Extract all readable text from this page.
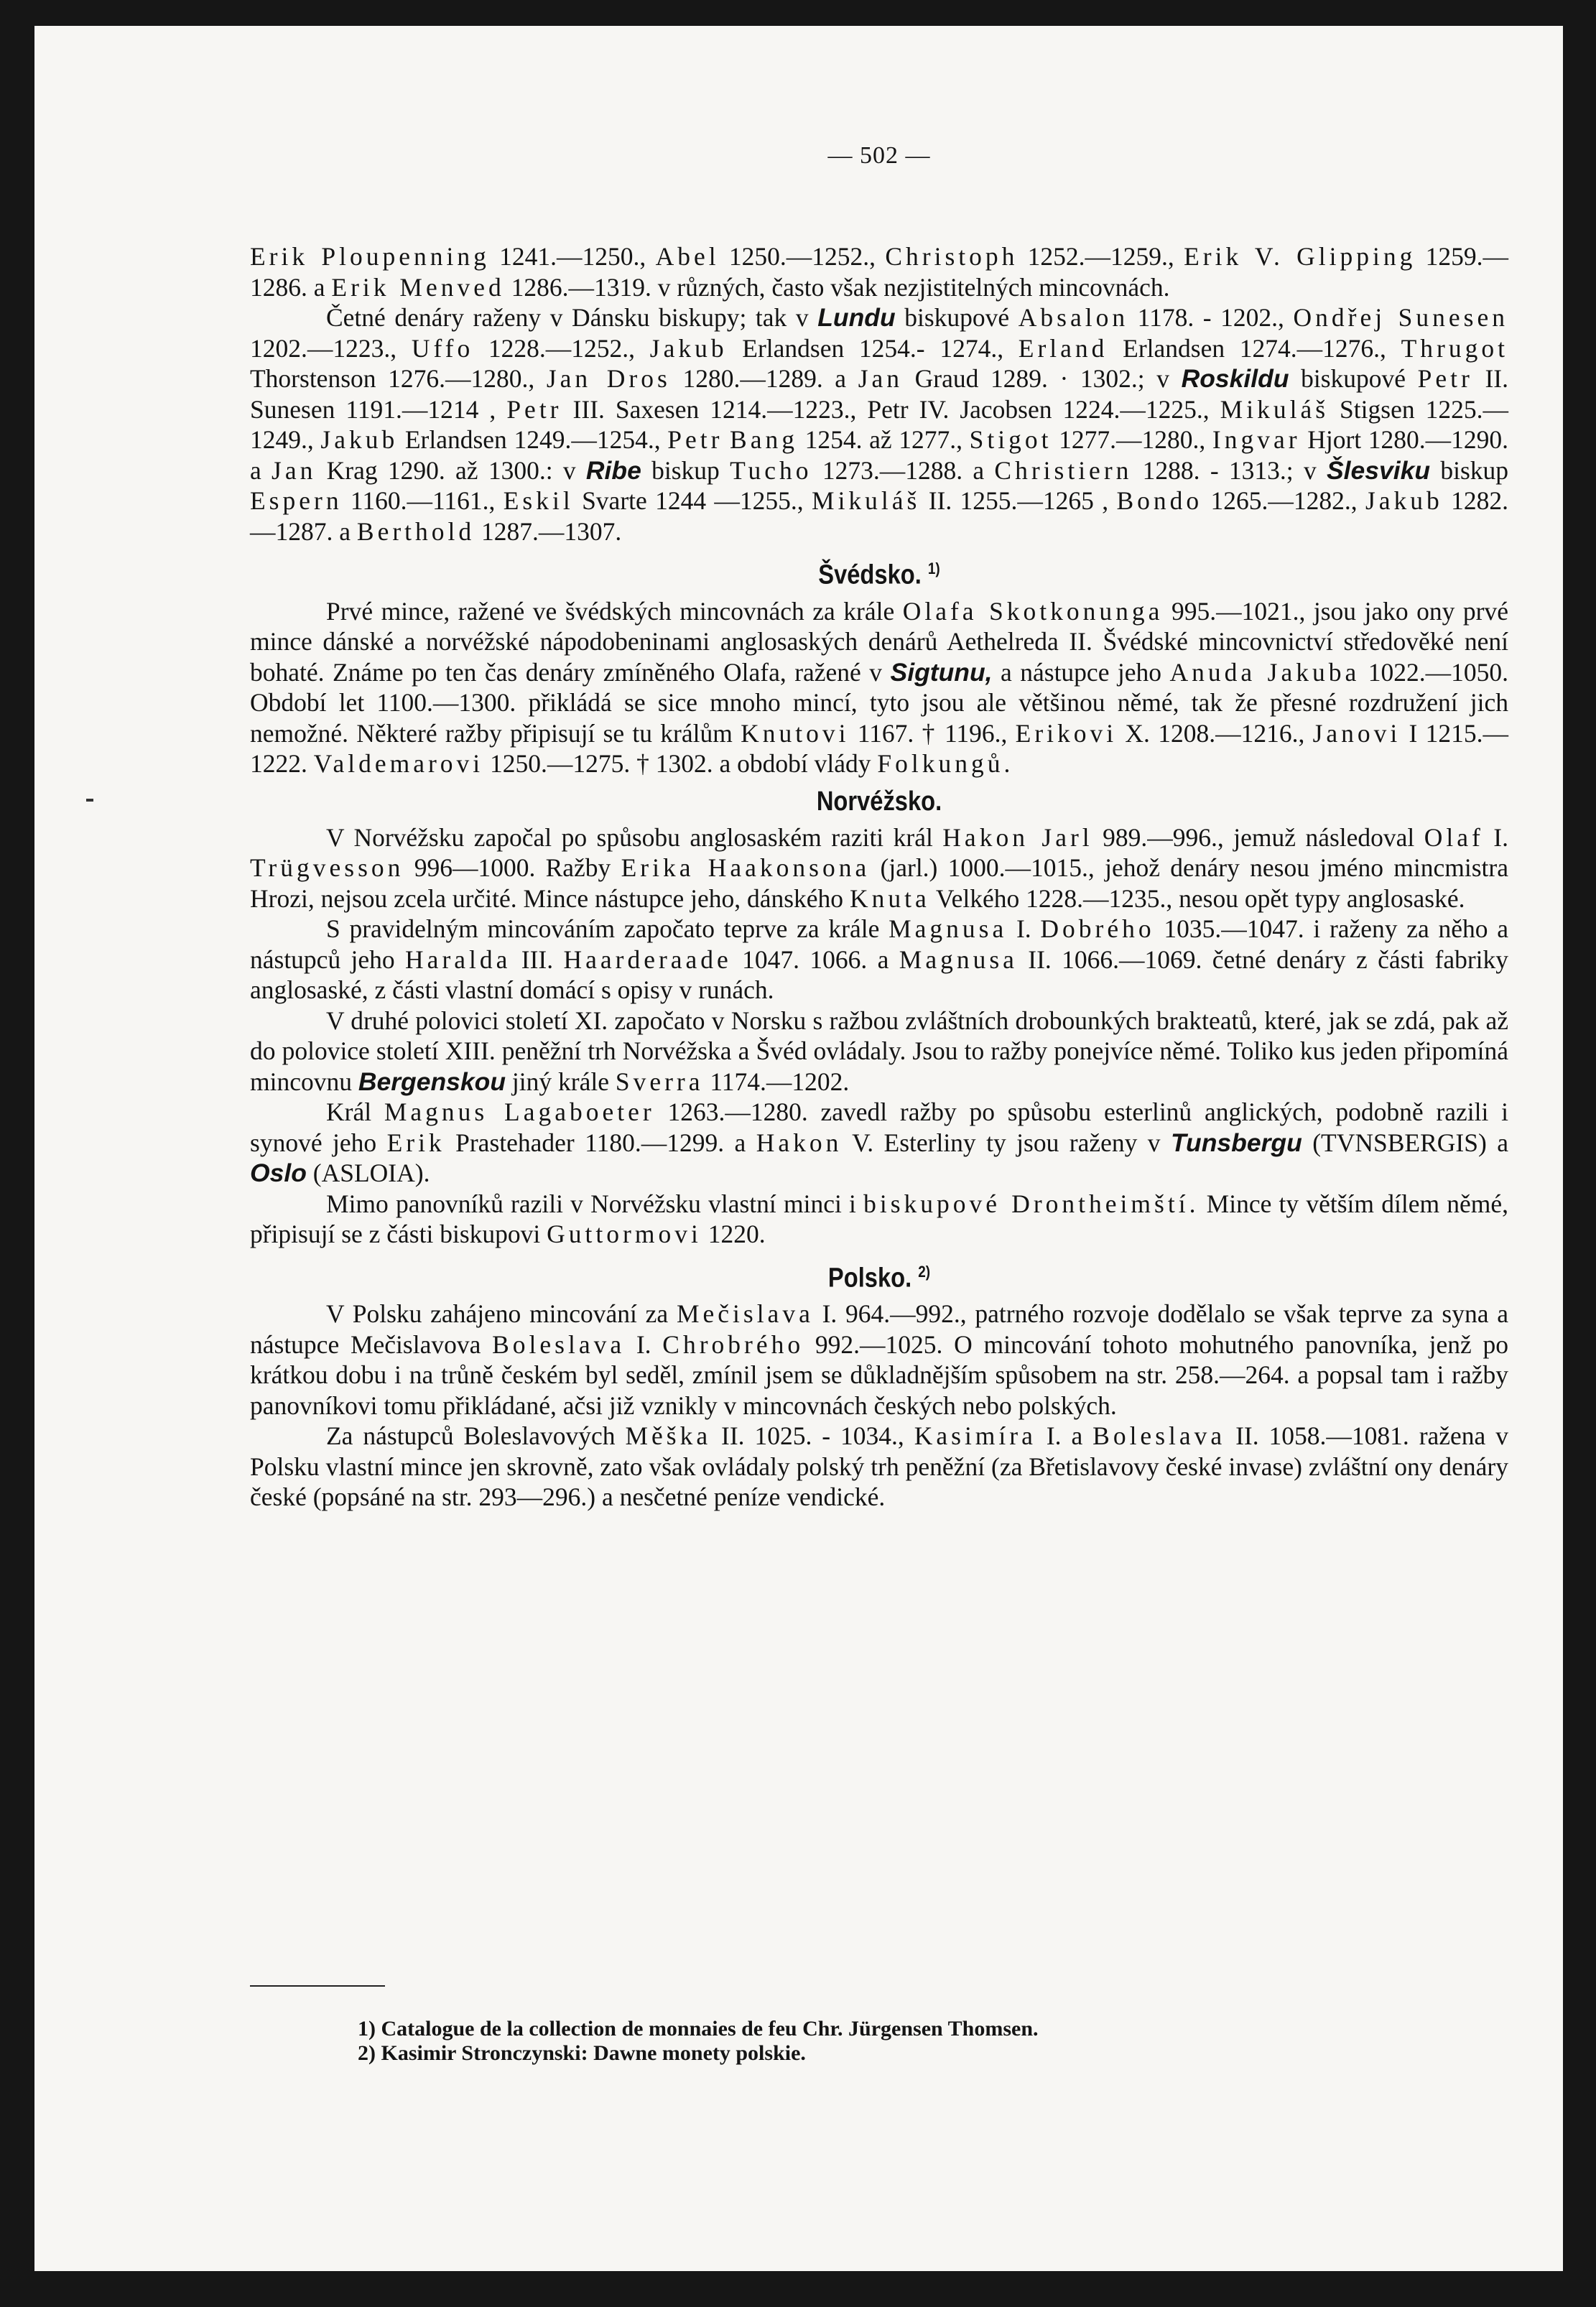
— 502 —

Erik Ploupenning 1241.—1250., Abel 1250.—1252., Christoph 1252.—1259., Erik V. Glipping 1259.—1286. a Erik Menved 1286.—1319. v různých, často však nezjistitelných mincovnách.

Četné denáry raženy v Dánsku biskupy; tak v Lundu biskupové Absalon 1178. - 1202., Ondřej Sunesen 1202.—1223., Uffo 1228.—1252., Jakub Erlandsen 1254.- 1274., Erland Erlandsen 1274.—1276., Thrugot Thorstenson 1276.—1280., Jan Dros 1280.—1289. a Jan Graud 1289. · 1302.; v Roskildu biskupové Petr II. Sunesen 1191.—1214 , Petr III. Saxesen 1214.—1223., Petr IV. Jacobsen 1224.—1225., Mikuláš Stigsen 1225.—1249., Jakub Erlandsen 1249.—1254., Petr Bang 1254. až 1277., Stigot 1277.—1280., Ingvar Hjort 1280.—1290. a Jan Krag 1290. až 1300.: v Ribe biskup Tucho 1273.—1288. a Christiern 1288. - 1313.; v Šlesviku biskup Espern 1160.—1161., Eskil Svarte 1244 —1255., Mikuláš II. 1255.—1265 , Bondo 1265.—1282., Jakub 1282.—1287. a Berthold 1287.—1307.

Švédsko. $^{1)}$

Prvé mince, ražené ve švédských mincovnách za krále Olafa Skotkonunga 995.—1021., jsou jako ony prvé mince dánské a norvéžské nápodobeninami anglosaských denárů Aethelreda II. Švédské mincovnictví středověké není bohaté. Známe po ten čas denáry zmíněného Olafa, ražené v Sigtunu, a nástupce jeho Anuda Jakuba 1022.—1050. Období let 1100.—1300. přikládá se sice mnoho mincí, tyto jsou ale většinou němé, tak že přesné rozdružení jich nemožné. Některé ražby připisují se tu králům Knutovi 1167. † 1196., Erikovi X. 1208.—1216., Janovi I 1215.—1222. Valdemarovi 1250.—1275. † 1302. a období vlády Folkungů.

Norvéžsko.

V Norvéžsku započal po spůsobu anglosaském raziti král Hakon Jarl 989.—996., jemuž následoval Olaf I. Trügvesson 996—1000. Ražby Erika Haakonsona (jarl.) 1000.—1015., jehož denáry nesou jméno mincmistra Hrozi, nejsou zcela určité. Mince nástupce jeho, dánského Knuta Velkého 1228.—1235., nesou opět typy anglosaské.

S pravidelným mincováním započato teprve za krále Magnusa I. Dobrého 1035.—1047. i raženy za něho a nástupců jeho Haralda III. Haarderaade 1047. 1066. a Magnusa II. 1066.—1069. četné denáry z části fabriky anglosaské, z části vlastní domácí s opisy v runách.

V druhé polovici století XI. započato v Norsku s ražbou zvláštních drobounkých brakteatů, které, jak se zdá, pak až do polovice století XIII. peněžní trh Norvéžska a Švéd ovládaly. Jsou to ražby ponejvíce němé. Toliko kus jeden připomíná mincovnu Bergenskou jiný krále Sverra 1174.—1202.

Král Magnus Lagaboeter 1263.—1280. zavedl ražby po spůsobu esterlinů anglických, podobně razili i synové jeho Erik Prastehader 1180.—1299. a Hakon V. Esterliny ty jsou raženy v Tunsbergu (TVNSBERGIS) a Oslo (ASLOIA).

Mimo panovníků razili v Norvéžsku vlastní minci i biskupové Drontheimští. Mince ty větším dílem němé, připisují se z části biskupovi Guttormovi 1220.

Polsko. $^{2)}$

V Polsku zahájeno mincování za Mečislava I. 964.—992., patrného rozvoje dodělalo se však teprve za syna a nástupce Mečislavova Boleslava I. Chrobrého 992.—1025. O mincování tohoto mohutného panovníka, jenž po krátkou dobu i na trůně českém byl seděl, zmínil jsem se důkladnějším spůsobem na str. 258.—264. a popsal tam i ražby panovníkovi tomu přikládané, ačsi již vznikly v mincovnách českých nebo polských.

Za nástupců Boleslavových Měška II. 1025. - 1034., Kasimíra I. a Boleslava II. 1058.—1081. ražena v Polsku vlastní mince jen skrovně, zato však ovládaly polský trh peněžní (za Břetislavovy české invase) zvláštní ony denáry české (popsáné na str. 293—296.) a nesčetné peníze vendické.

1) Catalogue de la collection de monnaies de feu Chr. Jürgensen Thomsen.
2) Kasimir Stronczynski: Dawne monety polskie.
